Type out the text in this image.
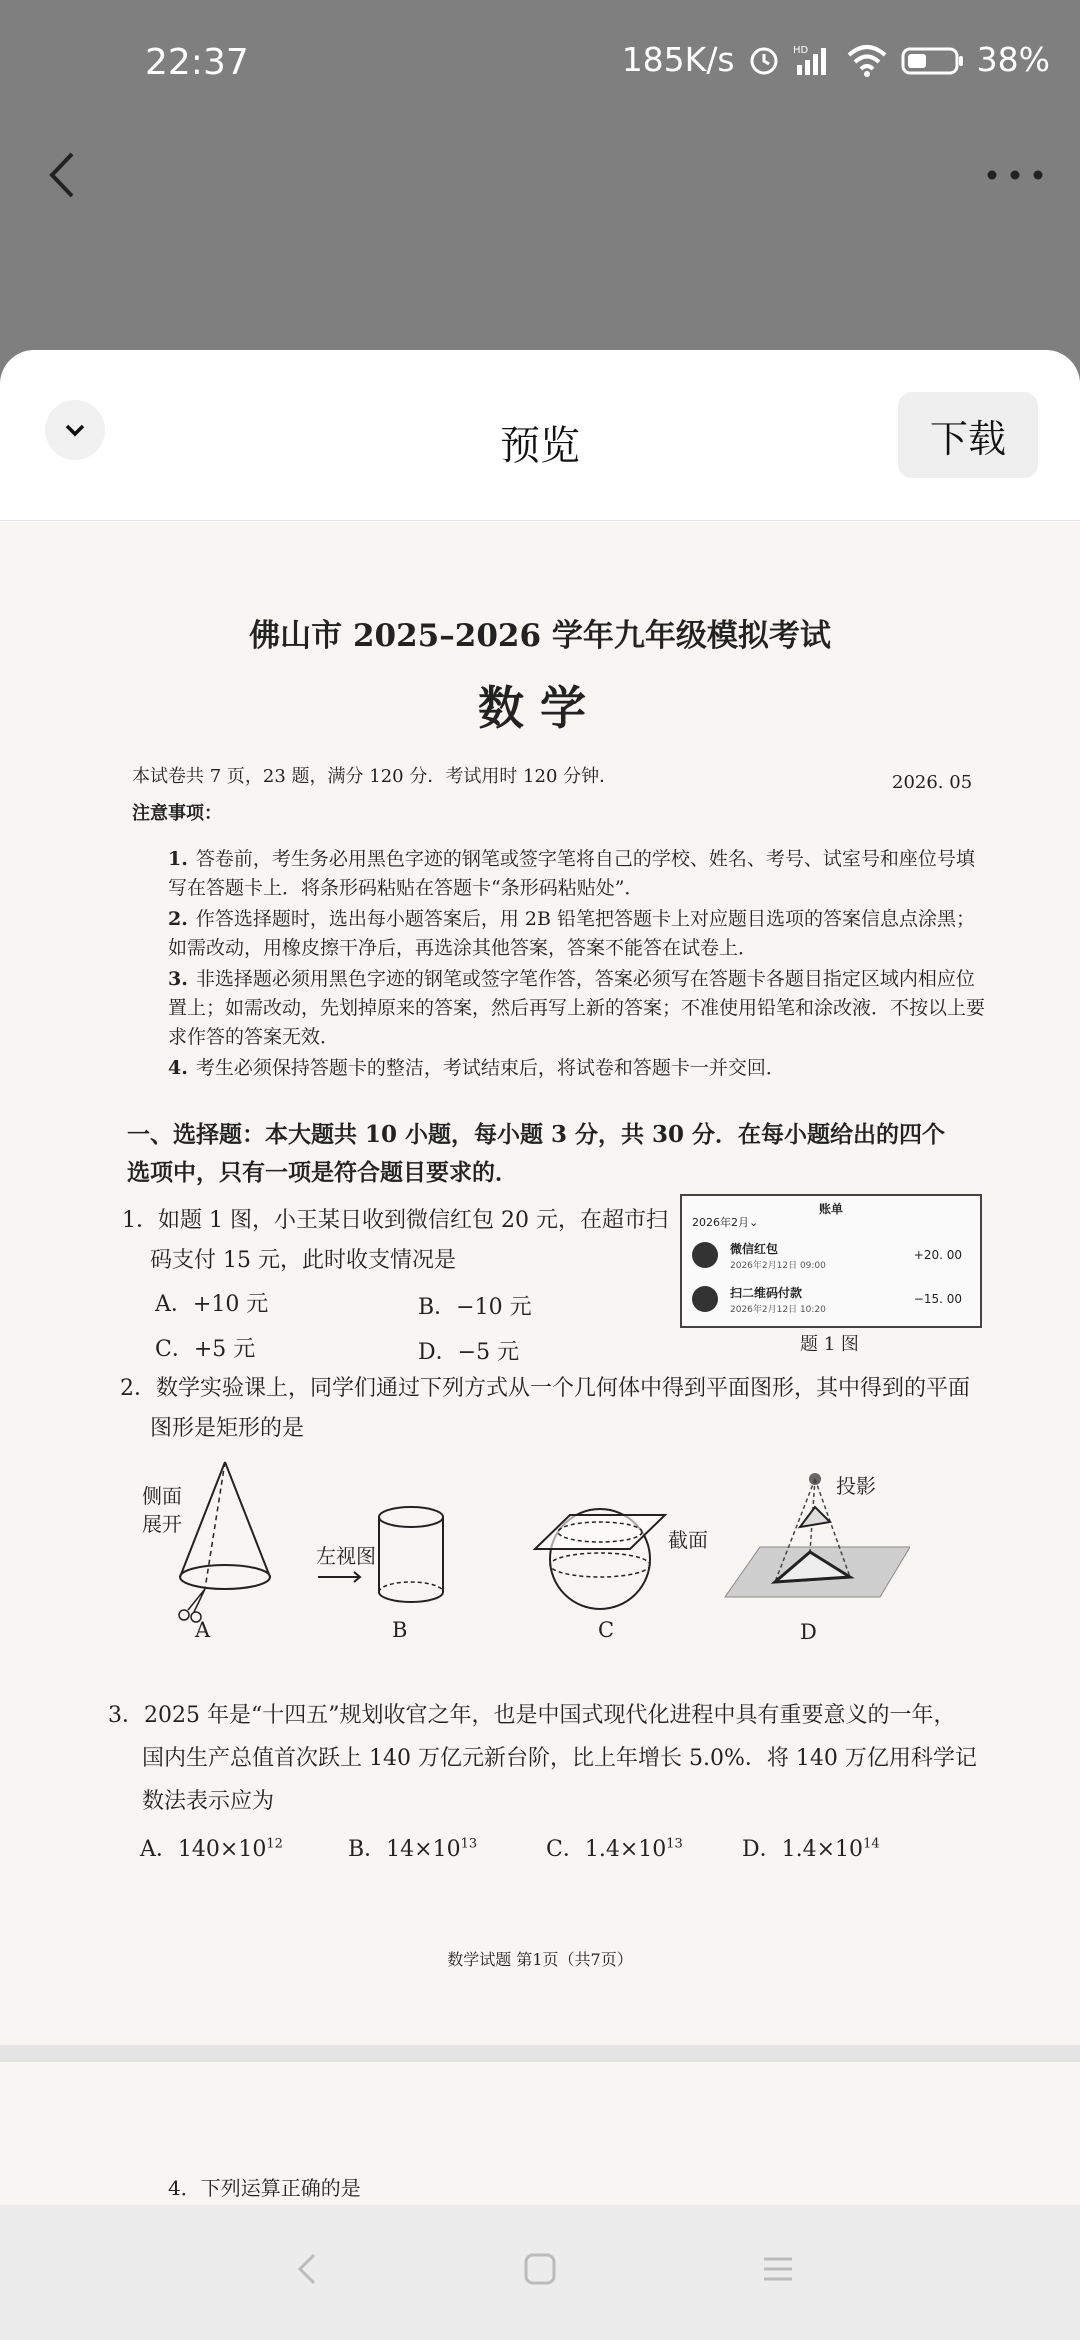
22:37	185K/s	HD	38%
预览	下载
佛山市 2025–2026 学年九年级模拟考试
数学
本试卷共 7 页，23 题，满分 120 分．考试用时 120 分钟．	2026. 05
注意事项：
1. 答卷前，考生务必用黑色字迹的钢笔或签字笔将自己的学校、姓名、考号、试室号和座位号填写在答题卡上．将条形码粘贴在答题卡“条形码粘贴处”．
2. 作答选择题时，选出每小题答案后，用 2B 铅笔把答题卡上对应题目选项的答案信息点涂黑；如需改动，用橡皮擦干净后，再选涂其他答案，答案不能答在试卷上．
3. 非选择题必须用黑色字迹的钢笔或签字笔作答，答案必须写在答题卡各题目指定区域内相应位置上；如需改动，先划掉原来的答案，然后再写上新的答案；不准使用铅笔和涂改液．不按以上要求作答的答案无效．
4. 考生必须保持答题卡的整洁，考试结束后，将试卷和答题卡一并交回．
一、选择题：本大题共 10 小题，每小题 3 分，共 30 分．在每小题给出的四个选项中，只有一项是符合题目要求的．
1．如题 1 图，小王某日收到微信红包 20 元，在超市扫
码支付 15 元，此时收支情况是
A．+10 元	B．−10 元
C．+5 元	D．−5 元
账单
2026年2月⌄
微信红包
2026年2月12日 09:00
+20. 00
扫二维码付款
2026年2月12日 10:20
−15. 00
题 1 图
2．数学实验课上，同学们通过下列方式从一个几何体中得到平面图形，其中得到的平面
图形是矩形的是
侧面
展开
左视图
截面
投影
A	B	C	D
3．2025 年是“十四五”规划收官之年，也是中国式现代化进程中具有重要意义的一年，
国内生产总值首次跃上 140 万亿元新台阶，比上年增长 5.0%．将 140 万亿用科学记
数法表示应为
A．$140\times 10^{12}$	B．$14\times 10^{13}$	C．$1.4\times 10^{13}$	D．$1.4\times 10^{14}$
数学试题 第1页（共7页）
4．下列运算正确的是
